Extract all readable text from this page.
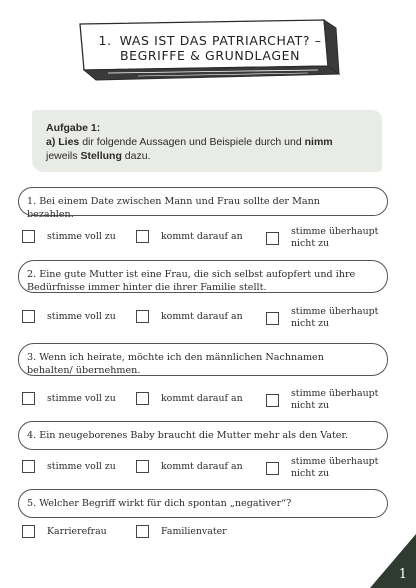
1. WAS IST DAS PATRIARCHAT? –
BEGRIFFE & GRUNDLAGEN
Aufgabe 1:
a) Lies dir folgende Aussagen und Beispiele durch und nimm
jeweils Stellung dazu.
1. Bei einem Date zwischen Mann und Frau sollte der Mann bezahlen.
stimme voll zu	kommt darauf an	stimme überhaupt nicht zu
2. Eine gute Mutter ist eine Frau, die sich selbst aufopfert und ihre Bedürfnisse immer hinter die ihrer Familie stellt.
stimme voll zu	kommt darauf an	stimme überhaupt nicht zu
3. Wenn ich heirate, möchte ich den männlichen Nachnamen behalten/ übernehmen.
stimme voll zu	kommt darauf an	stimme überhaupt nicht zu
4. Ein neugeborenes Baby braucht die Mutter mehr als den Vater.
stimme voll zu	kommt darauf an	stimme überhaupt nicht zu
5. Welcher Begriff wirkt für dich spontan „negativer“?
Karrierefrau	Familienvater
1
